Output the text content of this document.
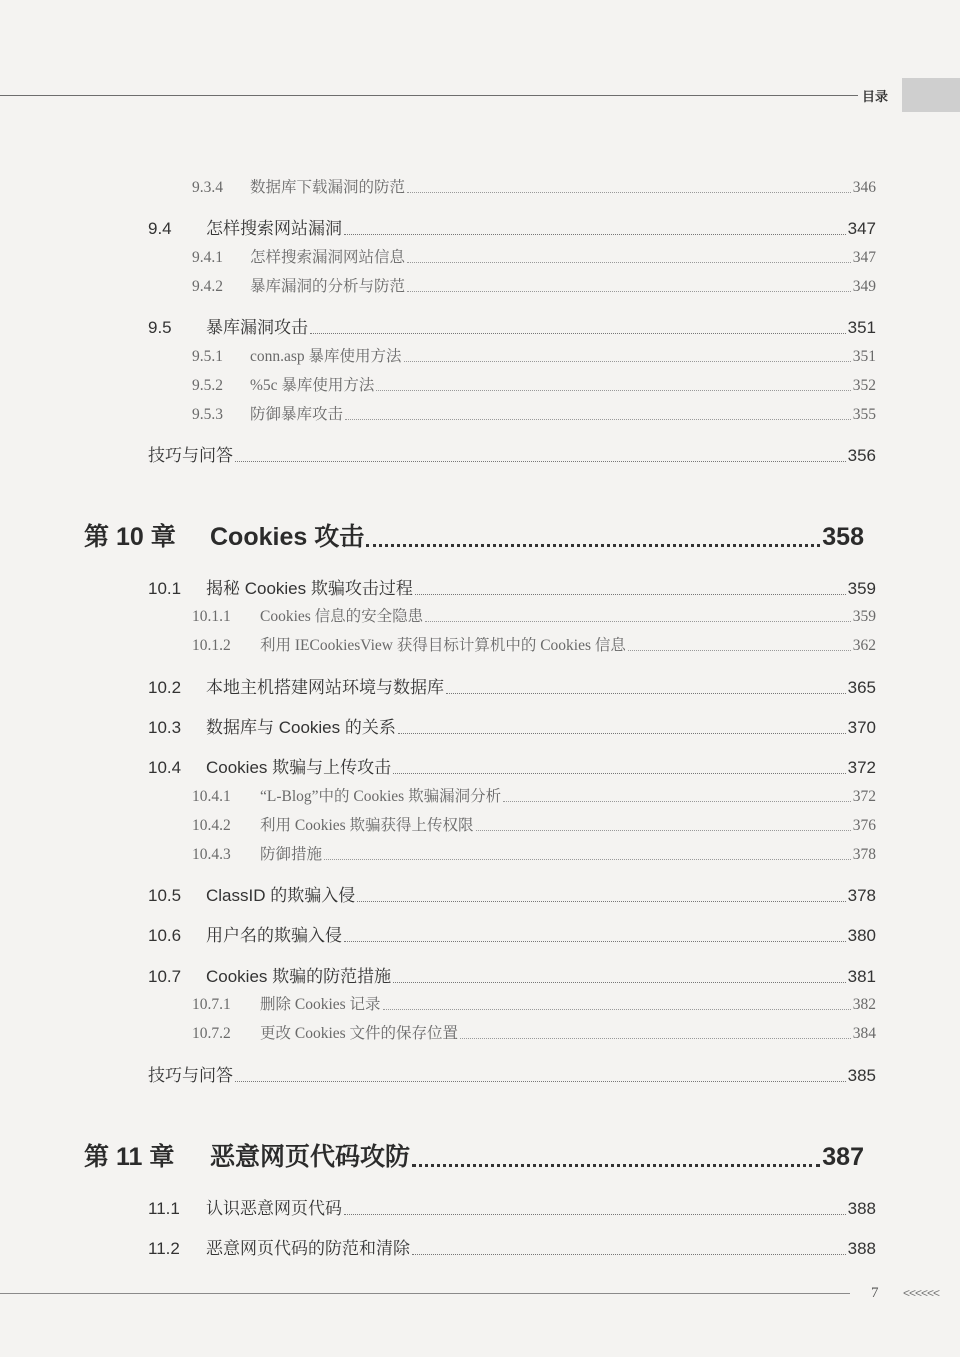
目录
9.3.4	数据库下载漏洞的防范	346
9.4	怎样搜索网站漏洞	347
9.4.1	怎样搜索漏洞网站信息	347
9.4.2	暴库漏洞的分析与防范	349
9.5	暴库漏洞攻击	351
9.5.1	conn.asp 暴库使用方法	351
9.5.2	%5c 暴库使用方法	352
9.5.3	防御暴库攻击	355
技巧与问答	356
第 10 章	Cookies 攻击	358
10.1	揭秘 Cookies 欺骗攻击过程	359
10.1.1	Cookies 信息的安全隐患	359
10.1.2	利用 IECookiesView 获得目标计算机中的 Cookies 信息	362
10.2	本地主机搭建网站环境与数据库	365
10.3	数据库与 Cookies 的关系	370
10.4	Cookies 欺骗与上传攻击	372
10.4.1	“L-Blog”中的 Cookies 欺骗漏洞分析	372
10.4.2	利用 Cookies 欺骗获得上传权限	376
10.4.3	防御措施	378
10.5	ClassID 的欺骗入侵	378
10.6	用户名的欺骗入侵	380
10.7	Cookies 欺骗的防范措施	381
10.7.1	删除 Cookies 记录	382
10.7.2	更改 Cookies 文件的保存位置	384
技巧与问答	385
第 11 章	恶意网页代码攻防	387
11.1	认识恶意网页代码	388
11.2	恶意网页代码的防范和清除	388
7 <<<<<<
